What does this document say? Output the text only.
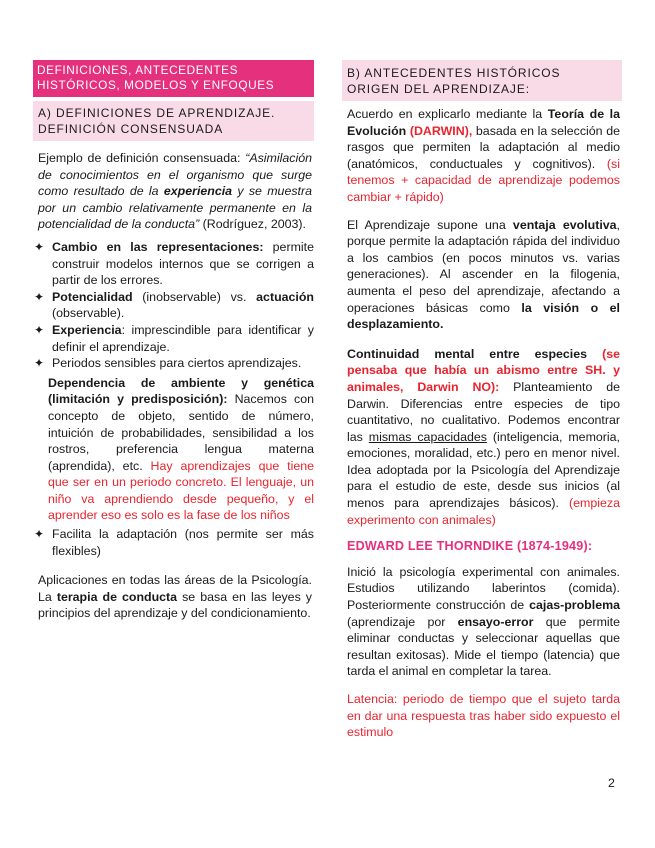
DEFINICIONES, ANTECEDENTES HISTÓRICOS, MODELOS Y ENFOQUES
A) DEFINICIONES DE APRENDIZAJE. DEFINICIÓN CONSENSUADA

Ejemplo de definición consensuada: “Asimilación de conocimientos en el organismo que surge como resultado de la experiencia y se muestra por un cambio relativamente permanente en la potencialidad de la conducta” (Rodríguez, 2003).

✦ Cambio en las representaciones: permite construir modelos internos que se corrigen a partir de los errores.
✦ Potencialidad (inobservable) vs. actuación (observable).
✦ Experiencia: imprescindible para identificar y definir el aprendizaje.
✦ Periodos sensibles para ciertos aprendizajes.

Dependencia de ambiente y genética (limitación y predisposición): Nacemos con concepto de objeto, sentido de número, intuición de probabilidades, sensibilidad a los rostros, preferencia lengua materna (aprendida), etc. Hay aprendizajes que tiene que ser en un periodo concreto. El lenguaje, un niño va aprendiendo desde pequeño, y el aprender eso es solo es la fase de los niños

✦ Facilita la adaptación (nos permite ser más flexibles)

Aplicaciones en todas las áreas de la Psicología. La terapia de conducta se basa en las leyes y principios del aprendizaje y del condicionamiento.

B) ANTECEDENTES HISTÓRICOS ORIGEN DEL APRENDIZAJE:

Acuerdo en explicarlo mediante la Teoría de la Evolución (DARWIN), basada en la selección de rasgos que permiten la adaptación al medio (anatómicos, conductuales y cognitivos). (si tenemos + capacidad de aprendizaje podemos cambiar + rápido)

El Aprendizaje supone una ventaja evolutiva, porque permite la adaptación rápida del individuo a los cambios (en pocos minutos vs. varias generaciones). Al ascender en la filogenia, aumenta el peso del aprendizaje, afectando a operaciones básicas como la visión o el desplazamiento.

Continuidad mental entre especies (se pensaba que había un abismo entre SH. y animales, Darwin NO): Planteamiento de Darwin. Diferencias entre especies de tipo cuantitativo, no cualitativo. Podemos encontrar las mismas capacidades (inteligencia, memoria, emociones, moralidad, etc.) pero en menor nivel. Idea adoptada por la Psicología del Aprendizaje para el estudio de este, desde sus inicios (al menos para aprendizajes básicos). (empieza experimento con animales)

EDWARD LEE THORNDIKE (1874-1949):

Inició la psicología experimental con animales. Estudios utilizando laberintos (comida). Posteriormente construcción de cajas-problema (aprendizaje por ensayo-error que permite eliminar conductas y seleccionar aquellas que resultan exitosas). Mide el tiempo (latencia) que tarda el animal en completar la tarea.

Latencia: periodo de tiempo que el sujeto tarda en dar una respuesta tras haber sido expuesto el estimulo

2
